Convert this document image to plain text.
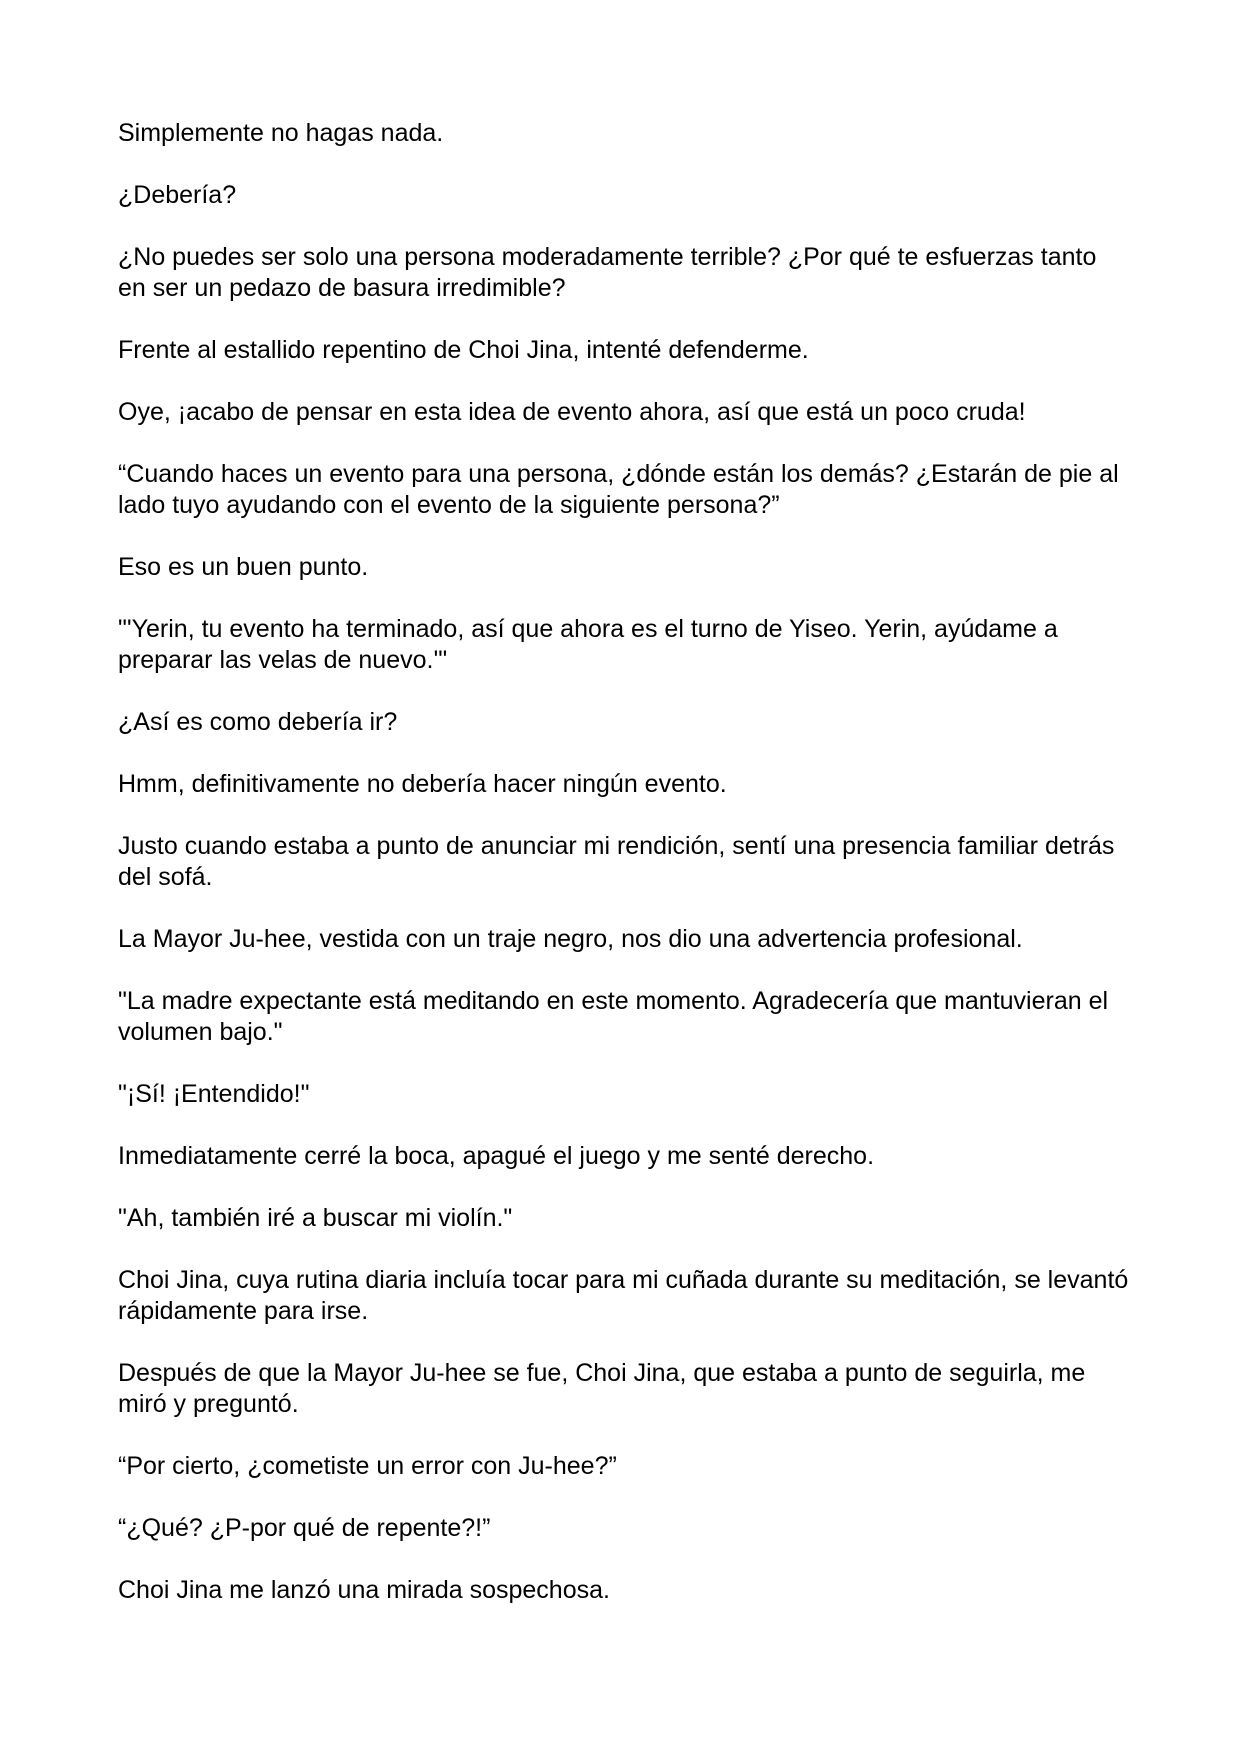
Simplemente no hagas nada.

¿Debería?

¿No puedes ser solo una persona moderadamente terrible? ¿Por qué te esfuerzas tanto en ser un pedazo de basura irredimible?

Frente al estallido repentino de Choi Jina, intenté defenderme.

Oye, ¡acabo de pensar en esta idea de evento ahora, así que está un poco cruda!

“Cuando haces un evento para una persona, ¿dónde están los demás? ¿Estarán de pie al lado tuyo ayudando con el evento de la siguiente persona?”

Eso es un buen punto.

"'Yerin, tu evento ha terminado, así que ahora es el turno de Yiseo. Yerin, ayúdame a preparar las velas de nuevo.'"

¿Así es como debería ir?

Hmm, definitivamente no debería hacer ningún evento.

Justo cuando estaba a punto de anunciar mi rendición, sentí una presencia familiar detrás del sofá.

La Mayor Ju-hee, vestida con un traje negro, nos dio una advertencia profesional.

"La madre expectante está meditando en este momento. Agradecería que mantuvieran el volumen bajo."

"¡Sí! ¡Entendido!"

Inmediatamente cerré la boca, apagué el juego y me senté derecho.

"Ah, también iré a buscar mi violín."

Choi Jina, cuya rutina diaria incluía tocar para mi cuñada durante su meditación, se levantó rápidamente para irse.

Después de que la Mayor Ju-hee se fue, Choi Jina, que estaba a punto de seguirla, me miró y preguntó.

“Por cierto, ¿cometiste un error con Ju-hee?”

“¿Qué? ¿P-por qué de repente?!”

Choi Jina me lanzó una mirada sospechosa.
